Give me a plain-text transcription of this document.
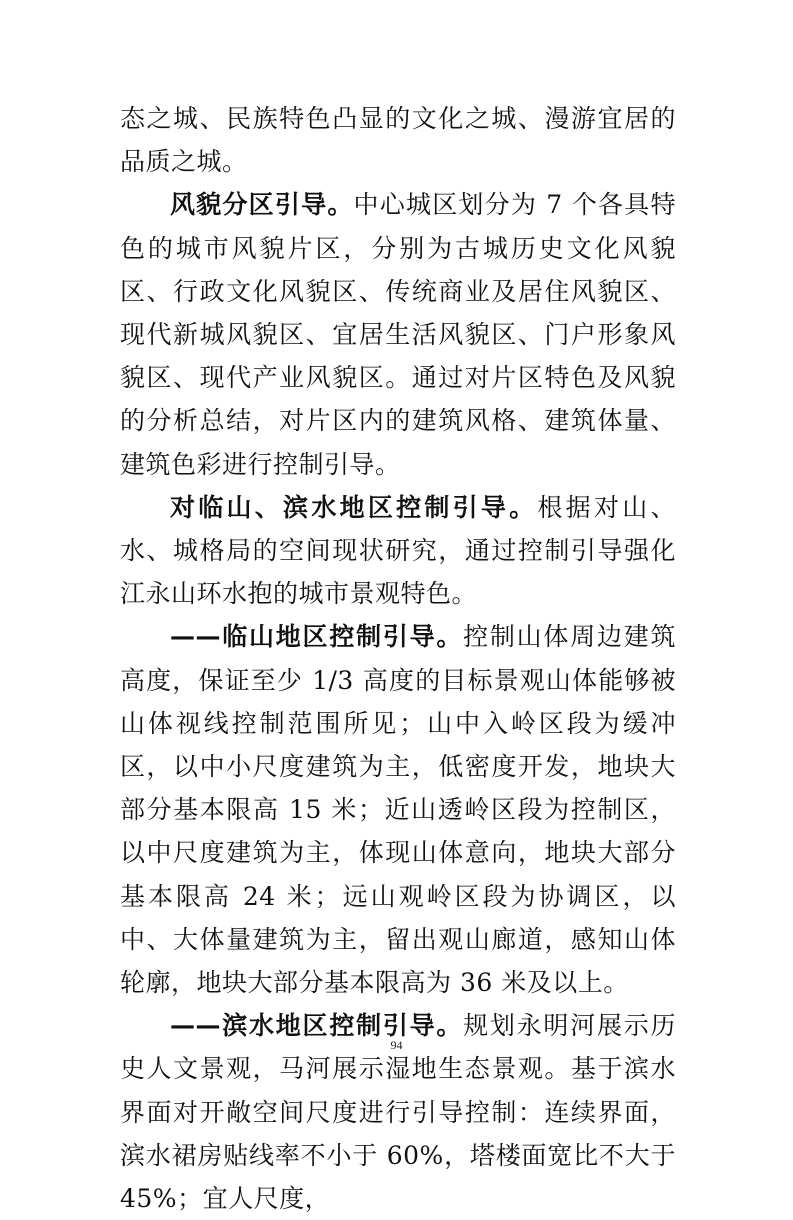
态之城、民族特色凸显的文化之城、漫游宜居的品质之城。

风貌分区引导。中心城区划分为 7 个各具特色的城市风貌片区，分别为古城历史文化风貌区、行政文化风貌区、传统商业及居住风貌区、现代新城风貌区、宜居生活风貌区、门户形象风貌区、现代产业风貌区。通过对片区特色及风貌的分析总结，对片区内的建筑风格、建筑体量、建筑色彩进行控制引导。

对临山、滨水地区控制引导。根据对山、水、城格局的空间现状研究，通过控制引导强化江永山环水抱的城市景观特色。

——临山地区控制引导。控制山体周边建筑高度，保证至少 1/3 高度的目标景观山体能够被山体视线控制范围所见；山中入岭区段为缓冲区，以中小尺度建筑为主，低密度开发，地块大部分基本限高 15 米；近山透岭区段为控制区，以中尺度建筑为主，体现山体意向，地块大部分基本限高 24 米；远山观岭区段为协调区，以中、大体量建筑为主，留出观山廊道，感知山体轮廓，地块大部分基本限高为 36 米及以上。

——滨水地区控制引导。规划永明河展示历史人文景观，马河展示湿地生态景观。基于滨水界面对开敞空间尺度进行引导控制：连续界面，滨水裙房贴线率不小于 60%，塔楼面宽比不大于 45%；宜人尺度，

94
